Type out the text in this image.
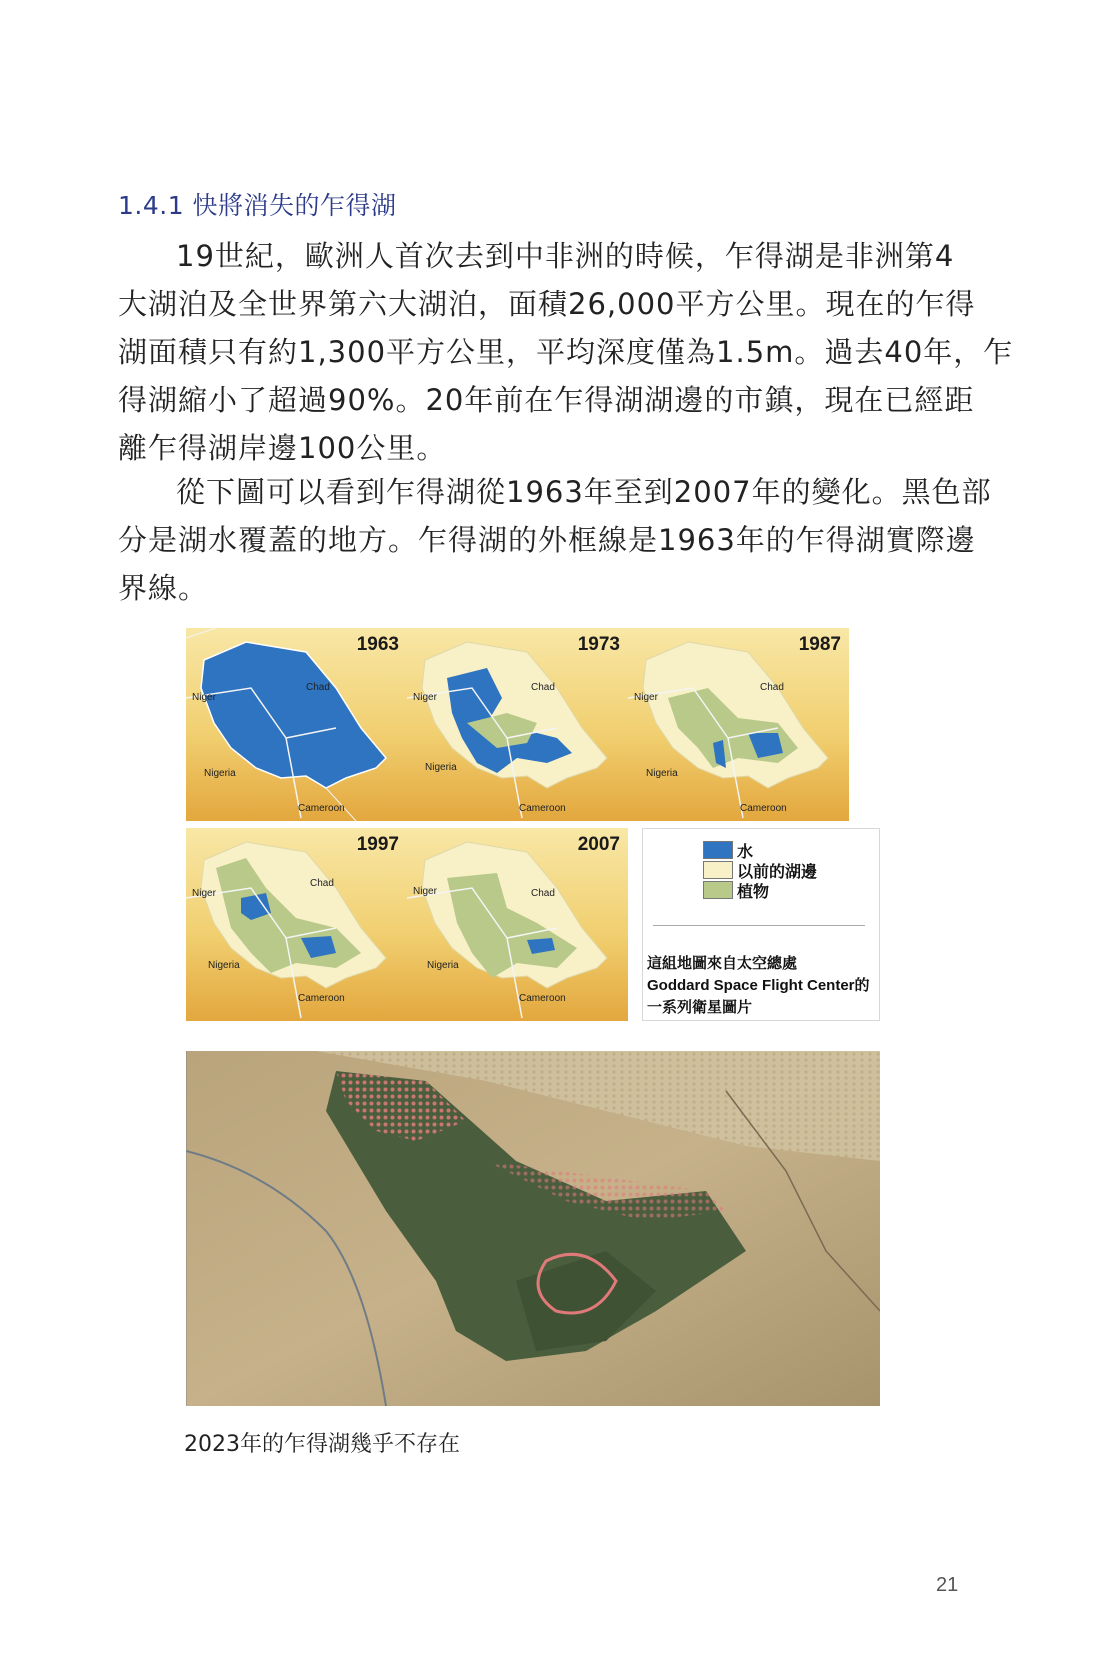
1.4.1 快將消失的乍得湖
19世紀，歐洲人首次去到中非洲的時候，乍得湖是非洲第4
大湖泊及全世界第六大湖泊，面積26,000平方公里。現在的乍得
湖面積只有約1,300平方公里，平均深度僅為1.5m。過去40年，乍
得湖縮小了超過90%。20年前在乍得湖湖邊的市鎮，現在已經距
離乍得湖岸邊100公里。
從下圖可以看到乍得湖從1963年至到2007年的變化。黑色部
分是湖水覆蓋的地方。乍得湖的外框線是1963年的乍得湖實際邊
界線。
1963
Chad
Niger
Nigeria
Cameroon
1973
Chad
Niger
Nigeria
Cameroon
1987
Chad
Niger
Nigeria
Cameroon
1997
Chad
Niger
Nigeria
Cameroon
2007
Chad
Niger
Nigeria
Cameroon
水
以前的湖邊
植物
這組地圖來自太空總處
Goddard Space Flight Center的
一系列衛星圖片
2023年的乍得湖幾乎不存在
21
